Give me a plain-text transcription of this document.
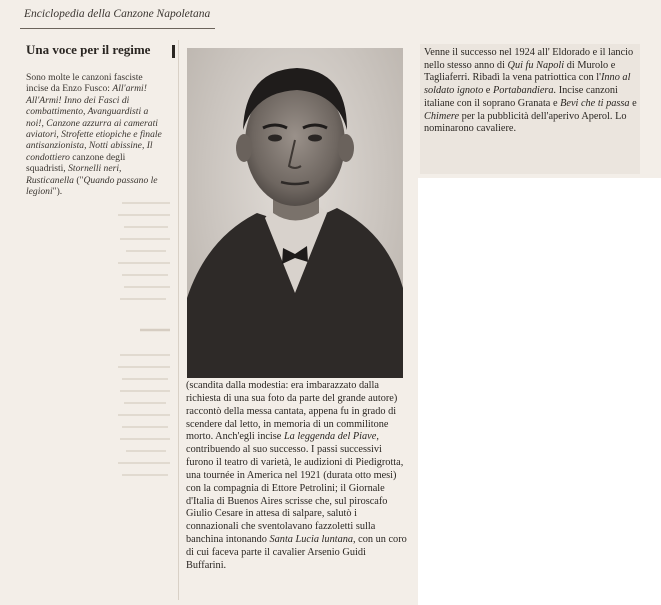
Enciclopedia della Canzone Napoletana
Una voce per il regime
Sono molte le canzoni fasciste incise da Enzo Fusco: All'armi! All'Armi! Inno dei Fasci di combattimento, Avanguardisti a noi!, Canzone azzurra ai camerati aviatori, Strofette etiopiche e finale antisanzionista, Notti abissine, Il condottiero canzone degli squadristi, Stornelli neri, Rusticanella ("Quando passano le legioni").
Venne il successo nel 1924 all' Eldorado e il lancio nello stesso anno di Qui fu Napoli di Murolo e Tagliaferri. Ribadì la vena patriottica con l'Inno al soldato ignoto e Portabandiera. Incise canzoni italiane con il soprano Granata e Bevi che ti passa e Chimere per la pubblicità dell'aperivo Aperol. Lo nominarono cavaliere.
(scandita dalla modestia: era imbarazzato dalla richiesta di una sua foto da parte del grande autore) raccontò della messa cantata, appena fu in grado di scendere dal letto, in memoria di un commilitone morto. Anch'egli incise La leggenda del Piave, contribuendo al suo successo. I passi successivi furono il teatro di varietà, le audizioni di Piedigrotta, una tournée in America nel 1921 (durata otto mesi) con la compagnia di Ettore Petrolini; il Giornale d'Italia di Buenos Aires scrisse che, sul piroscafo Giulio Cesare in attesa di salpare, salutò i connazionali che sventolavano fazzoletti sulla banchina intonando Santa Lucia luntana, con un coro di cui faceva parte il cavalier Arsenio Guidi Buffarini.
